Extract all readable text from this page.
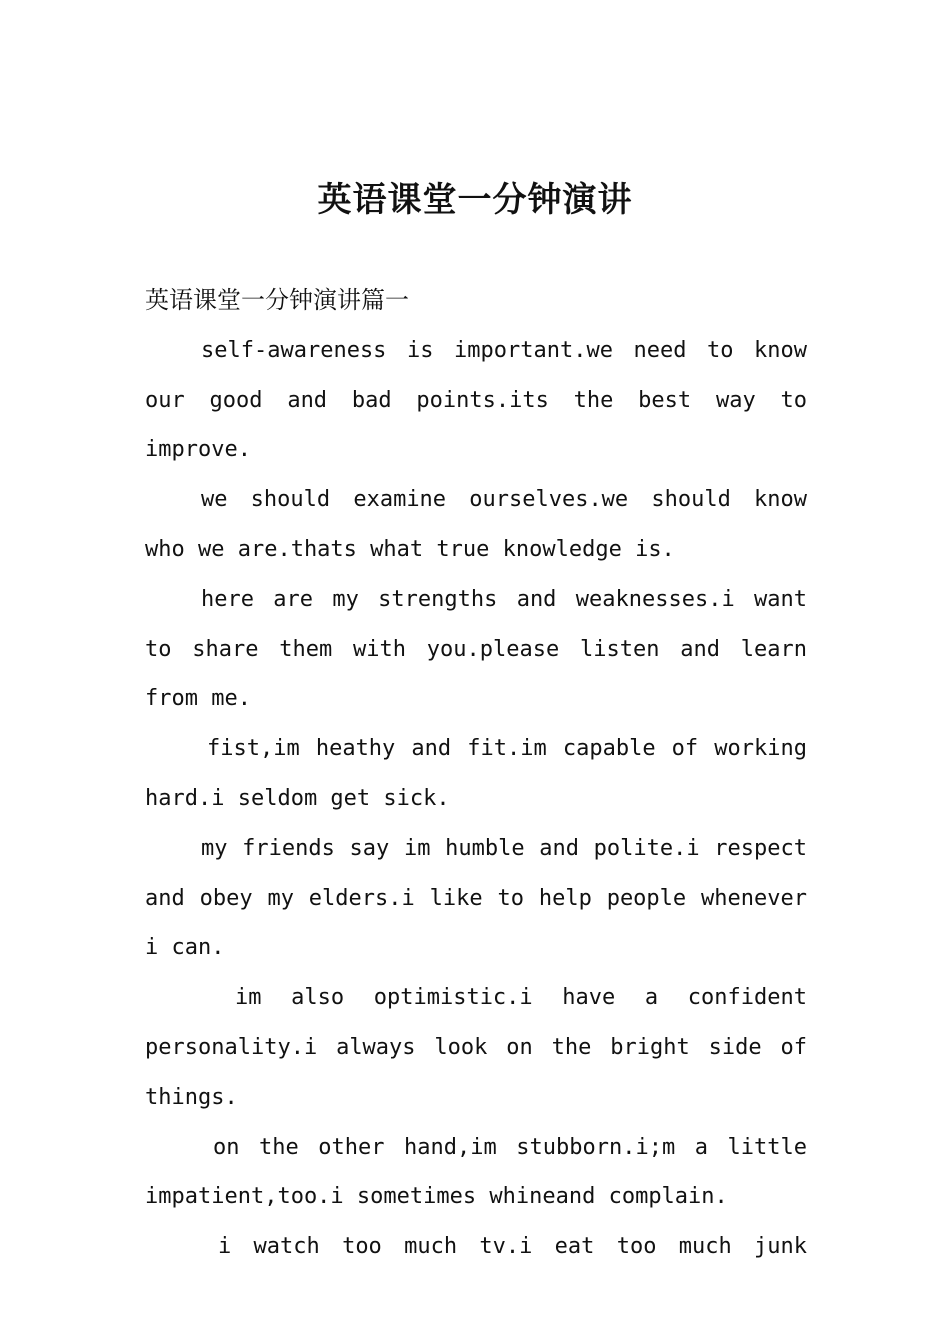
英语课堂一分钟演讲

英语课堂一分钟演讲篇一

self-awareness is important.we need to know our good and bad points.its the best way to improve.

we should examine ourselves.we should know who we are.thats what true knowledge is.

here are my strengths and weaknesses.i want to share them with you.please listen and learn from me.

fist,im heathy and fit.im capable of working hard.i seldom get sick.

my friends say im humble and polite.i respect and obey my elders.i like to help people whenever i can.

im also optimistic.i have a confident personality.i always look on the bright side of things.

on the other hand,im stubborn.i;m a little impatient,too.i sometimes whineand complain.

i watch too much tv.i eat too much junk
